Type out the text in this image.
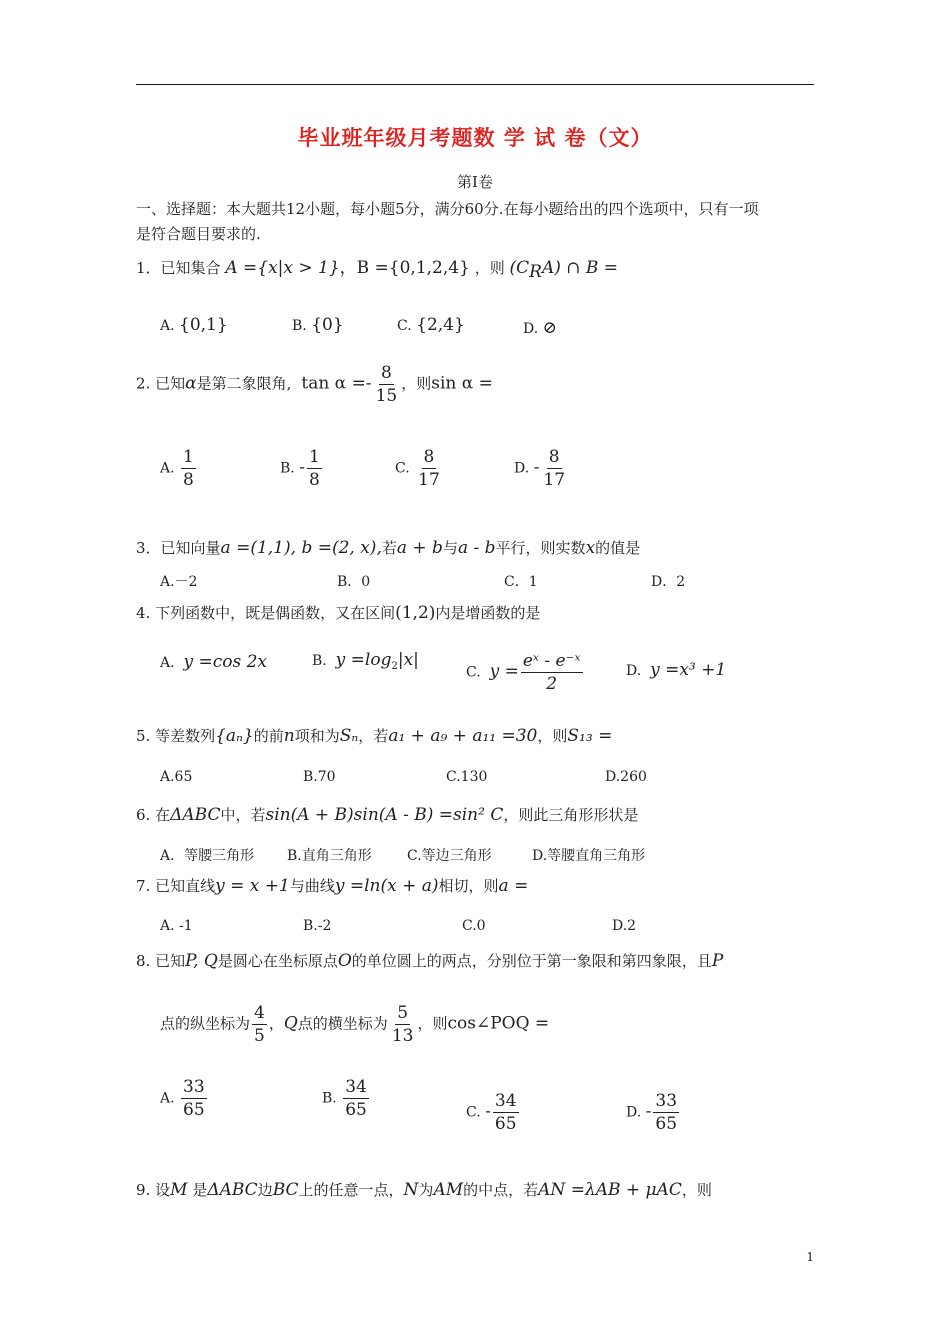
毕业班年级月考题数 学 试 卷（文）
第Ⅰ卷
一、选择题：本大题共12小题，每小题5分，满分60分.在每小题给出的四个选项中，只有一项
是符合题目要求的.
1．已知集合 A ={x|x > 1}，B ={0,1,2,4} ，则 $(C_RA)$ ∩ B =
A. {0,1}	B. {0}	C. {2,4}	D. ⊘
2. 已知α是第二象限角, $\tan \alpha =- \frac{8}{15}$ ，则sin α =
A. $\frac{1}{8}$	B. - $\frac{1}{8}$	C. $\frac{8}{17}$	D. - $\frac{8}{17}$
3．已知向量a =(1,1), b =(2, x),若a + b与a - b平行，则实数x的值是
A.－2	B．0	C．1	D．2
4. 下列函数中，既是偶函数，又在区间(1,2)内是增函数的是
A. y =cos 2x	B. $y =\log_2|x|$
C. $y = \frac{\text{eˣ - e⁻ˣ}}{2}$	D. y =x³ +1
5. 等差数列{aₙ}的前n项和为Sₙ，若a₁ + a₉ + a₁₁ =30，则S₁₃ =
A.65	B.70	C.130	D.260
6. 在ΔABC中，若sin(A + B)sin(A - B) =sin² C，则此三角形形状是
A．等腰三角形 B.直角三角形	C.等边三角形	D.等腰直角三角形
7. 已知直线y = x +1与曲线y =ln(x + a)相切，则a =
A. -1	B.-2	C.0	D.2
8. 已知P, Q是圆心在坐标原点O的单位圆上的两点，分别位于第一象限和第四象限，且P
点的纵坐标为 $\frac{4}{5}$ ，Q点的横坐标为 $\frac{5}{13}$ ，则cos∠POQ =
A. $\frac{33}{65}$	B. $\frac{34}{65}$	C. - $\frac{34}{65}$	D. - $\frac{33}{65}$
9. 设M 是ΔABC边BC上的任意一点，N为AM的中点，若AN =λAB + μAC，则
1
